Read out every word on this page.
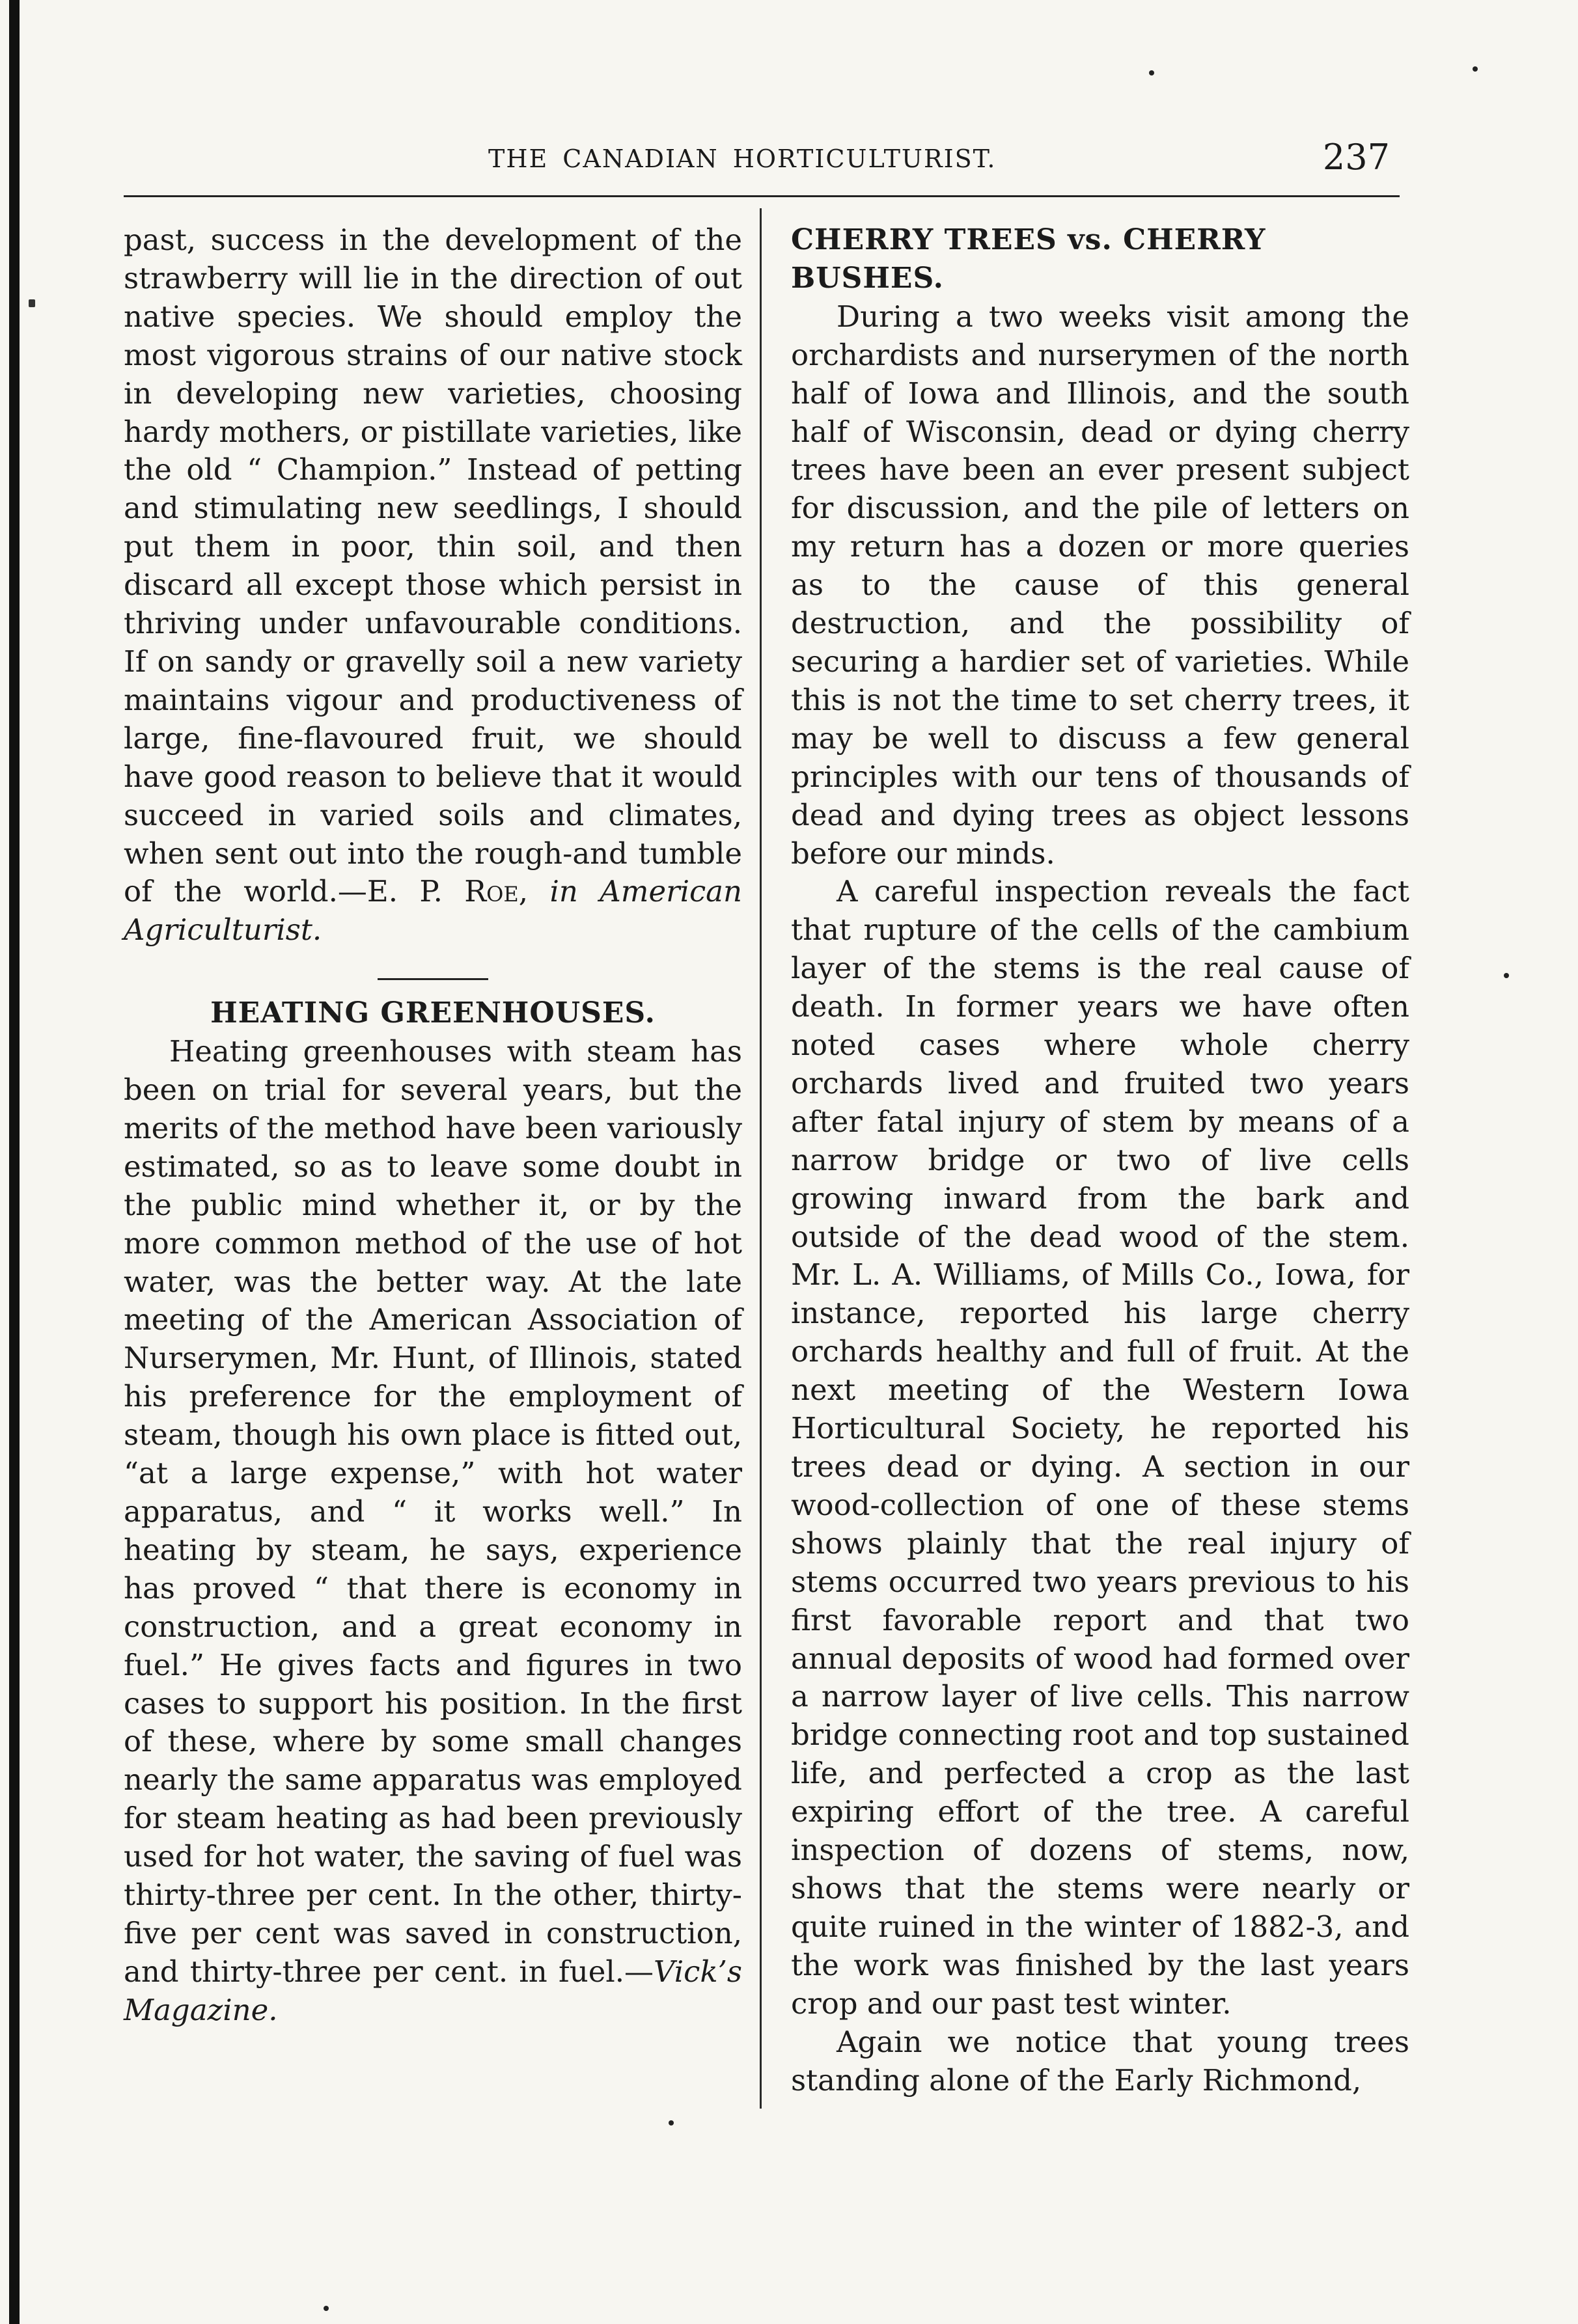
THE CANADIAN HORTICULTURIST.	237

past, success in the development of the strawberry will lie in the direction of out native species. We should employ the most vigorous strains of our native stock in developing new varieties, choosing hardy mothers, or pistillate varieties, like the old “ Champion.” Instead of petting and stimulating new seedlings, I should put them in poor, thin soil, and then discard all except those which persist in thriving under unfavourable conditions. If on sandy or gravelly soil a new variety maintains vigour and productiveness of large, fine-flavoured fruit, we should have good reason to believe that it would succeed in varied soils and climates, when sent out into the rough-and tumble of the world.—E. P. Roe, in American Agriculturist.

HEATING GREENHOUSES.

Heating greenhouses with steam has been on trial for several years, but the merits of the method have been variously estimated, so as to leave some doubt in the public mind whether it, or by the more common method of the use of hot water, was the better way. At the late meeting of the American Association of Nurserymen, Mr. Hunt, of Illinois, stated his preference for the employment of steam, though his own place is fitted out, “at a large expense,” with hot water apparatus, and “ it works well.” In heating by steam, he says, experience has proved “ that there is economy in construction, and a great economy in fuel.” He gives facts and figures in two cases to support his position. In the first of these, where by some small changes nearly the same apparatus was employed for steam heating as had been previously used for hot water, the saving of fuel was thirty-three per cent. In the other, thirty-five per cent was saved in construction, and thirty-three per cent. in fuel.—Vick’s Magazine.

CHERRY TREES vs. CHERRY BUSHES.

During a two weeks visit among the orchardists and nurserymen of the north half of Iowa and Illinois, and the south half of Wisconsin, dead or dying cherry trees have been an ever present subject for discussion, and the pile of letters on my return has a dozen or more queries as to the cause of this general destruction, and the possibility of securing a hardier set of varieties. While this is not the time to set cherry trees, it may be well to discuss a few general principles with our tens of thousands of dead and dying trees as object lessons before our minds.

A careful inspection reveals the fact that rupture of the cells of the cambium layer of the stems is the real cause of death. In former years we have often noted cases where whole cherry orchards lived and fruited two years after fatal injury of stem by means of a narrow bridge or two of live cells growing inward from the bark and outside of the dead wood of the stem. Mr. L. A. Williams, of Mills Co., Iowa, for instance, reported his large cherry orchards healthy and full of fruit. At the next meeting of the Western Iowa Horticultural Society, he reported his trees dead or dying. A section in our wood-collection of one of these stems shows plainly that the real injury of stems occurred two years previous to his first favorable report and that two annual deposits of wood had formed over a narrow layer of live cells. This narrow bridge connecting root and top sustained life, and perfected a crop as the last expiring effort of the tree. A careful inspection of dozens of stems, now, shows that the stems were nearly or quite ruined in the winter of 1882-3, and the work was finished by the last years crop and our past test winter.

Again we notice that young trees standing alone of the Early Richmond,
